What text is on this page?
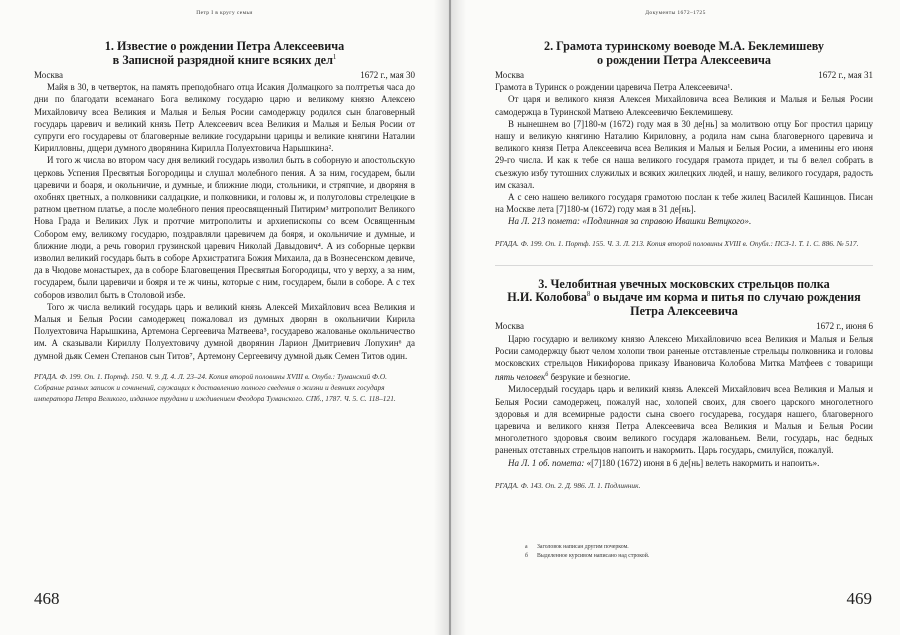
Петр I в кругу семьи
1. Известие о рождении Петра Алексеевича
в Записной разрядной книге всяких дел$^1$
Москва	1672 г., мая 30

Майя в 30, в четверток, на память преподобнаго отца Исакия Долмацкого за полтретья часа до дни по благодати всеманаго Бога великому государю царю и великому князю Алексею Михайловичу всеа Великия и Малыя и Белыя Росии самодержцу родился сын благоверный государь царевич и великий князь Петр Алексеевич всеа Великия и Малыя и Белыя Росии от супруги его государевы от благоверные великие государыни царицы и великие княгини Наталии Кирилловны, дщери думного дворянина Кирилла Полуехтовича Нарышкина².

И того ж числа во втором часу дня великий государь изволил быть в соборную и апостольскую церковь Успения Пресвятыя Богородицы и слушал молебного пения. А за ним, государем, были царевичи и боаря, и окольничие, и думные, и ближние люди, стольники, и стряпчие, и дворяня в охобнях цветных, а полковники салдацкие, и полковники, и головы ж, и полуголовы стрелецкие в ратном цветном платье, а после молебного пения преосвященный Питирим³ митрополит Великого Нова Града и Великих Лук и протчие митрополиты и архиепископы со всем Освященным Собором ему, великому государю, поздравляли царевичем да бояря, и окольничие и думные, и ближние люди, а речь говорил грузинской царевич Николай Давыдович⁴. А из соборные церкви изволил великий государь быть в соборе Архистратига Божия Михаила, да в Вознесенском девиче, да в Чюдове монастырех, да в соборе Благовещения Пресвятыя Богородицы, что у верху, а за ним, государем, были царевичи и бояря и те ж чины, которые с ним, государем, были в соборе. А с тех соборов изволил быть в Столовой избе.

Того ж числа великий государь царь и великий князь Алексей Михайлович всеа Великия и Малыя и Белыя Росии самодержец пожаловал из думных дворян в окольничии Кирила Полуехтовича Нарышкина, Артемона Сергеевича Матвеева⁵, государево жалованье окольничество им. А сказывали Кириллу Полуехтовичу думной дворянин Ларион Дмитриевич Лопухин⁶ да думной дьяк Семен Степанов сын Титов⁷, Артемону Сергеевичу думной дьяк Семен Титов один.

РГАДА. Ф. 199. Оп. 1. Портф. 150. Ч. 9. Д. 4. Л. 23–24. Копия второй половины XVIII в. Опубл.: Туманский Ф.О. Собрание разных записок и сочинений, служащих к доставлению полного сведения о жизни и деяниях государя императора Петра Великого, изданное трудами и иждивением Феодора Туманского. СПб., 1787. Ч. 5. С. 118–121.

468
Документы 1672–1725
2. Грамота туринскому воеводе М.А. Беклемишеву
о рождении Петра Алексеевича
Москва	1672 г., мая 31

Грамота в Туринск о рождении царевича Петра Алексеевича¹.

От царя и великого князя Алексея Михайловича всеа Великия и Малыя и Белыя Росии самодержца в Туринской Матвею Алексеевичю Беклемишеву.

В нынешнем во [7]180-м (1672) году мая в 30 де[нь] за молитвою отцу Бог простил царицу нашу и великую княгиню Наталию Кириловну, а родила нам сына благоверного царевича и великого князя Петра Алексеевича всеа Великия и Малыя и Белыя Росии, а именины его июня 29-го числа. И как к тебе ся наша великого государя грамота придет, и ты б велел собрать в съезжую избу тутошних служилых и всяких жилецких людей, и нашу, великого государя, радость им сказал.

А с сею нашею великого государя грамотою послан к тебе жилец Василей Кашинцов. Писан на Москве лета [7]180-м (1672) году мая в 31 де[нь].

На Л. 213 помета: «Подлинная за справою Ивашки Ветцкого».

РГАДА. Ф. 199. Оп. 1. Портф. 155. Ч. 3. Л. 213. Копия второй половины XVIII в. Опубл.: ПСЗ-1. Т. 1. С. 886. № 517.

3. Челобитная увечных московских стрельцов полка
Н.И. Колобова$^8$ о выдаче им корма и питья по случаю рождения
Петра Алексеевича
Москва	1672 г., июня 6

Царю государю и великому князю Алексею Михайловичю всеа Великия и Малыя и Белыя Росии самодержцу бьют челом холопи твои раненые отставленые стрельцы полковника и головы московских стрельцов Никифорова приказу Ивановича Колобова Митка Матфеев с товарищи пять человек$^б$ безрукие и безногие.

Милосердый государь царь и великий князь Алексей Михайлович всеа Великия и Малыя и Белыя Росии самодержец, пожалуй нас, холопей своих, для своего царского многолетного здоровья и для всемирные радости сына своего государева, государя нашего, благоверного царевича и великого князя Петра Алексеевича всеа Великия и Малыя и Белыя Росии многолетного здоровья своим великого государя жалованьем. Вели, государь, нас бедных раненых отставных стрельцов напоить и накормить. Царь государь, смилуйся, пожалуй.

На Л. 1 об. помета: «[7]180 (1672) июня в 6 де[нь] велеть накормить и напоить».

РГАДА. Ф. 143. Оп. 2. Д. 986. Л. 1. Подлинник.

а Заголовок написан другим почерком.
б Выделенное курсивом написано над строкой.
469
